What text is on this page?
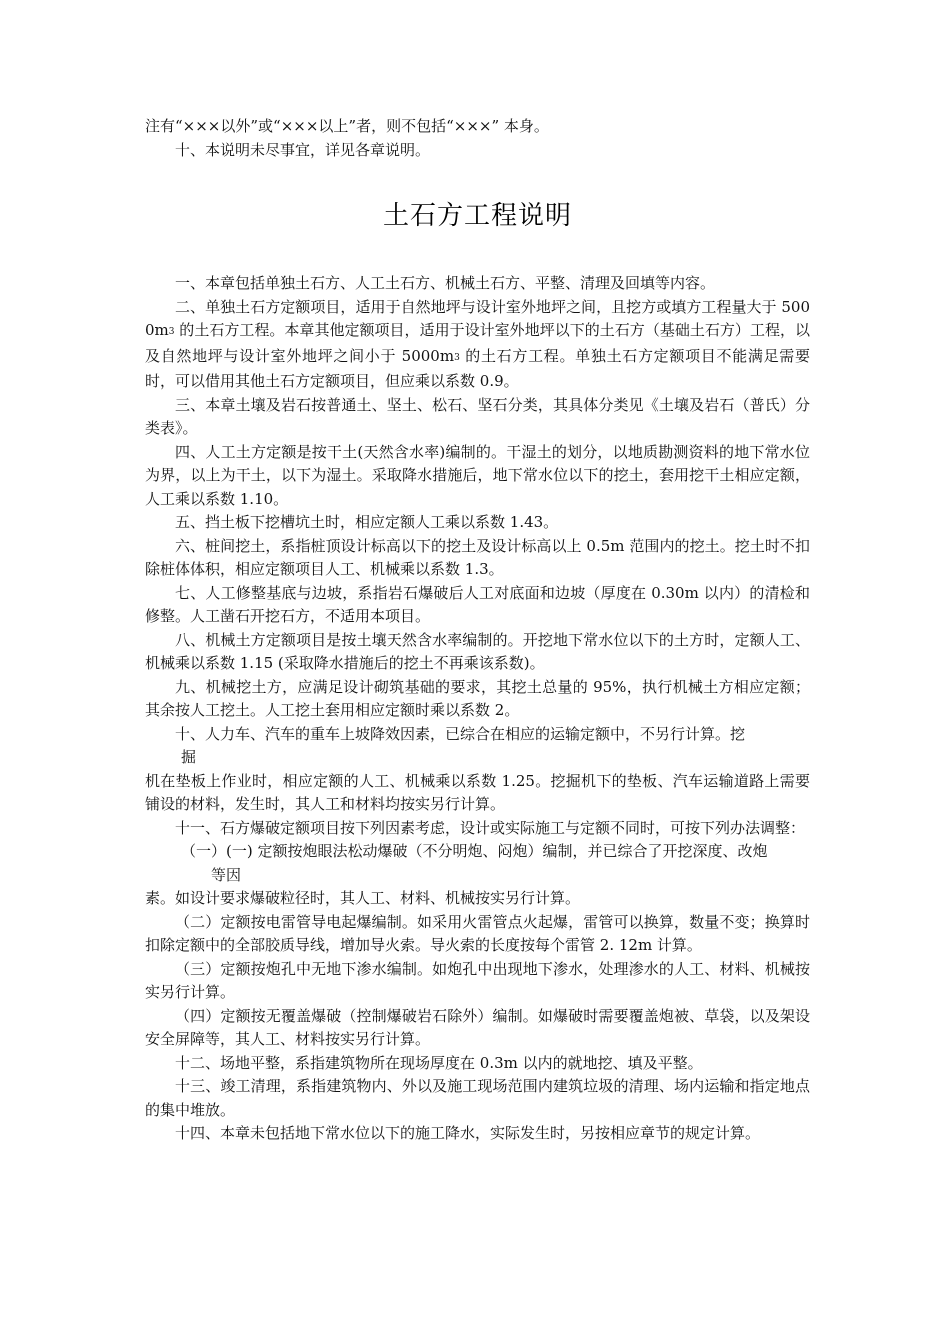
注有“×××以外”或“×××以上”者，则不包括“×××” 本身。

十、本说明未尽事宜，详见各章说明。

土石方工程说明

一、本章包括单独土石方、人工土石方、机械土石方、平整、清理及回填等内容。

二、单独土石方定额项目，适用于自然地坪与设计室外地坪之间，且挖方或填方工程量大于 $5000m^3$ 的土石方工程。本章其他定额项目，适用于设计室外地坪以下的土石方（基础土石方）工程，以及自然地坪与设计室外地坪之间小于 $5000m^3$ 的土石方工程。单独土石方定额项目不能满足需要时，可以借用其他土石方定额项目，但应乘以系数 0.9。

三、本章土壤及岩石按普通土、坚土、松石、坚石分类，其具体分类见《土壤及岩石（普氏）分类表》。

四、人工土方定额是按干土(天然含水率)编制的。干湿土的划分，以地质勘测资料的地下常水位为界，以上为干土，以下为湿土。采取降水措施后，地下常水位以下的挖土，套用挖干土相应定额，人工乘以系数 1.10。

五、挡土板下挖槽坑土时，相应定额人工乘以系数 1.43。

六、桩间挖土，系指桩顶设计标高以下的挖土及设计标高以上 0.5m 范围内的挖土。挖土时不扣除桩体体积，相应定额项目人工、机械乘以系数 1.3。

七、人工修整基底与边坡，系指岩石爆破后人工对底面和边坡（厚度在 0.30m 以内）的清检和修整。人工凿石开挖石方，不适用本项目。

八、机械土方定额项目是按土壤天然含水率编制的。开挖地下常水位以下的土方时，定额人工、机械乘以系数 1.15 (采取降水措施后的挖土不再乘该系数)。

九、机械挖土方，应满足设计砌筑基础的要求，其挖土总量的 95%，执行机械土方相应定额；其余按人工挖土。人工挖土套用相应定额时乘以系数 2。

十、人力车、汽车的重车上坡降效因素，已综合在相应的运输定额中，不另行计算。挖

掘

机在垫板上作业时，相应定额的人工、机械乘以系数 1.25。挖掘机下的垫板、汽车运输道路上需要铺设的材料，发生时，其人工和材料均按实另行计算。

十一、石方爆破定额项目按下列因素考虑，设计或实际施工与定额不同时，可按下列办法调整：

（一）(一) 定额按炮眼法松动爆破（不分明炮、闷炮）编制，并已综合了开挖深度、改炮

等因

素。如设计要求爆破粒径时，其人工、材料、机械按实另行计算。

（二）定额按电雷管导电起爆编制。如采用火雷管点火起爆，雷管可以换算，数量不变；换算时扣除定额中的全部胶质导线，增加导火索。导火索的长度按每个雷管 2. 12m 计算。

（三）定额按炮孔中无地下渗水编制。如炮孔中出现地下渗水，处理渗水的人工、材料、机械按实另行计算。

（四）定额按无覆盖爆破（控制爆破岩石除外）编制。如爆破时需要覆盖炮被、草袋，以及架设安全屏障等，其人工、材料按实另行计算。

十二、场地平整，系指建筑物所在现场厚度在 0.3m 以内的就地挖、填及平整。

十三、竣工清理，系指建筑物内、外以及施工现场范围内建筑垃圾的清理、场内运输和指定地点的集中堆放。

十四、本章未包括地下常水位以下的施工降水，实际发生时，另按相应章节的规定计算。
